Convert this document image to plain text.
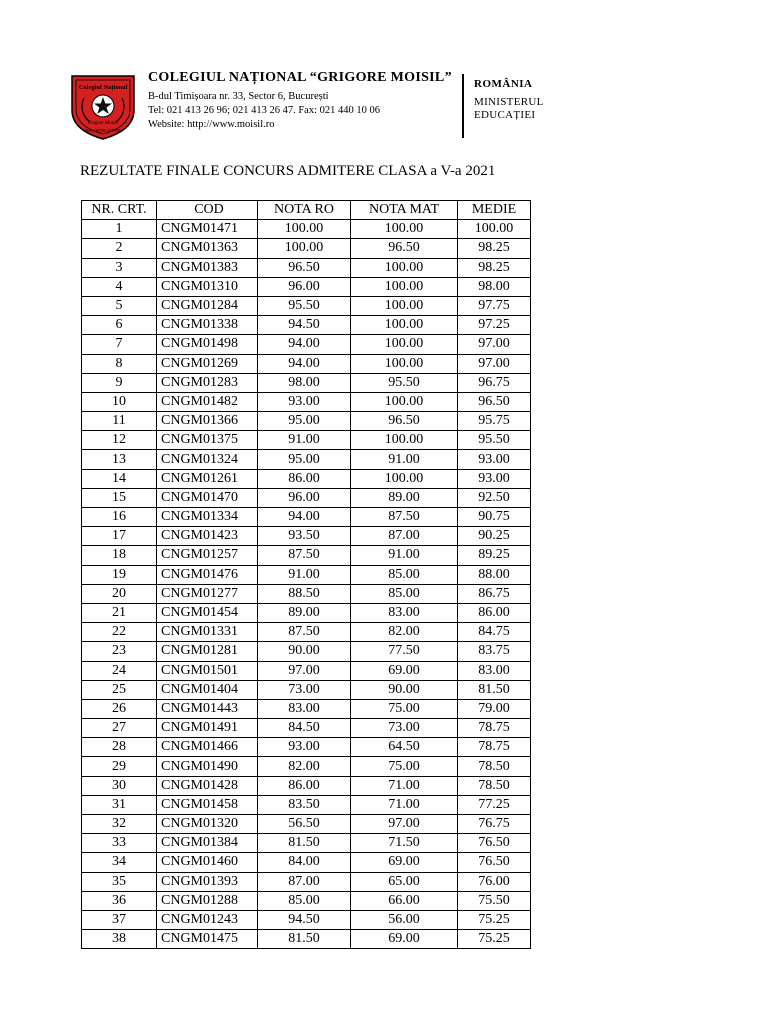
Colegiul Național
Grigore Moisil
ORE SAPERE AUDERE
COLEGIUL NAȚIONAL “GRIGORE MOISIL”
B-dul Timișoara nr. 33, Sector 6, București
Tel: 021 413 26 96; 021 413 26 47. Fax: 021 440 10 06
Website: http://www.moisil.ro
ROMÂNIA
MINISTERUL
EDUCAȚIEI
REZULTATE FINALE CONCURS ADMITERE CLASA a V-a 2021
NR. CRT.	COD	NOTA RO	NOTA MAT	MEDIE
1	CNGM01471	100.00	100.00	100.00
2	CNGM01363	100.00	96.50	98.25
3	CNGM01383	96.50	100.00	98.25
4	CNGM01310	96.00	100.00	98.00
5	CNGM01284	95.50	100.00	97.75
6	CNGM01338	94.50	100.00	97.25
7	CNGM01498	94.00	100.00	97.00
8	CNGM01269	94.00	100.00	97.00
9	CNGM01283	98.00	95.50	96.75
10	CNGM01482	93.00	100.00	96.50
11	CNGM01366	95.00	96.50	95.75
12	CNGM01375	91.00	100.00	95.50
13	CNGM01324	95.00	91.00	93.00
14	CNGM01261	86.00	100.00	93.00
15	CNGM01470	96.00	89.00	92.50
16	CNGM01334	94.00	87.50	90.75
17	CNGM01423	93.50	87.00	90.25
18	CNGM01257	87.50	91.00	89.25
19	CNGM01476	91.00	85.00	88.00
20	CNGM01277	88.50	85.00	86.75
21	CNGM01454	89.00	83.00	86.00
22	CNGM01331	87.50	82.00	84.75
23	CNGM01281	90.00	77.50	83.75
24	CNGM01501	97.00	69.00	83.00
25	CNGM01404	73.00	90.00	81.50
26	CNGM01443	83.00	75.00	79.00
27	CNGM01491	84.50	73.00	78.75
28	CNGM01466	93.00	64.50	78.75
29	CNGM01490	82.00	75.00	78.50
30	CNGM01428	86.00	71.00	78.50
31	CNGM01458	83.50	71.00	77.25
32	CNGM01320	56.50	97.00	76.75
33	CNGM01384	81.50	71.50	76.50
34	CNGM01460	84.00	69.00	76.50
35	CNGM01393	87.00	65.00	76.00
36	CNGM01288	85.00	66.00	75.50
37	CNGM01243	94.50	56.00	75.25
38	CNGM01475	81.50	69.00	75.25
